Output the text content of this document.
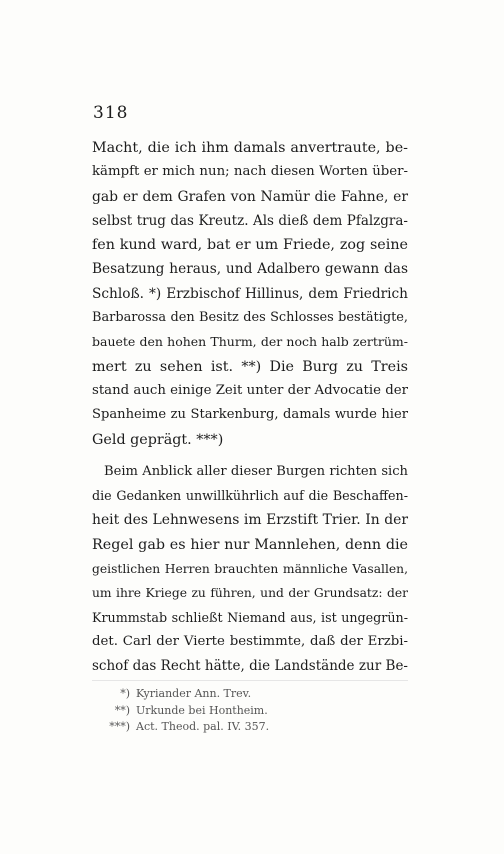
318
Macht, die ich ihm damals anvertraute, be-
kämpft er mich nun; nach diesen Worten über-
gab er dem Grafen von Namür die Fahne, er
selbst trug das Kreutz. Als dieß dem Pfalzgra-
fen kund ward, bat er um Friede, zog seine
Besatzung heraus, und Adalbero gewann das
Schloß. *) Erzbischof Hillinus, dem Friedrich
Barbarossa den Besitz des Schlosses bestätigte,
bauete den hohen Thurm, der noch halb zertrüm-
mert zu sehen ist. **) Die Burg zu Treis
stand auch einige Zeit unter der Advocatie der
Spanheime zu Starkenburg, damals wurde hier
Geld geprägt. ***)
Beim Anblick aller dieser Burgen richten sich
die Gedanken unwillkührlich auf die Beschaffen-
heit des Lehnwesens im Erzstift Trier. In der
Regel gab es hier nur Mannlehen, denn die
geistlichen Herren brauchten männliche Vasallen,
um ihre Kriege zu führen, und der Grundsatz: der
Krummstab schließt Niemand aus, ist ungegrün-
det. Carl der Vierte bestimmte, daß der Erzbi-
schof das Recht hätte, die Landstände zur Be-
*) Kyriander Ann. Trev.
**) Urkunde bei Hontheim.
***) Act. Theod. pal. IV. 357.
